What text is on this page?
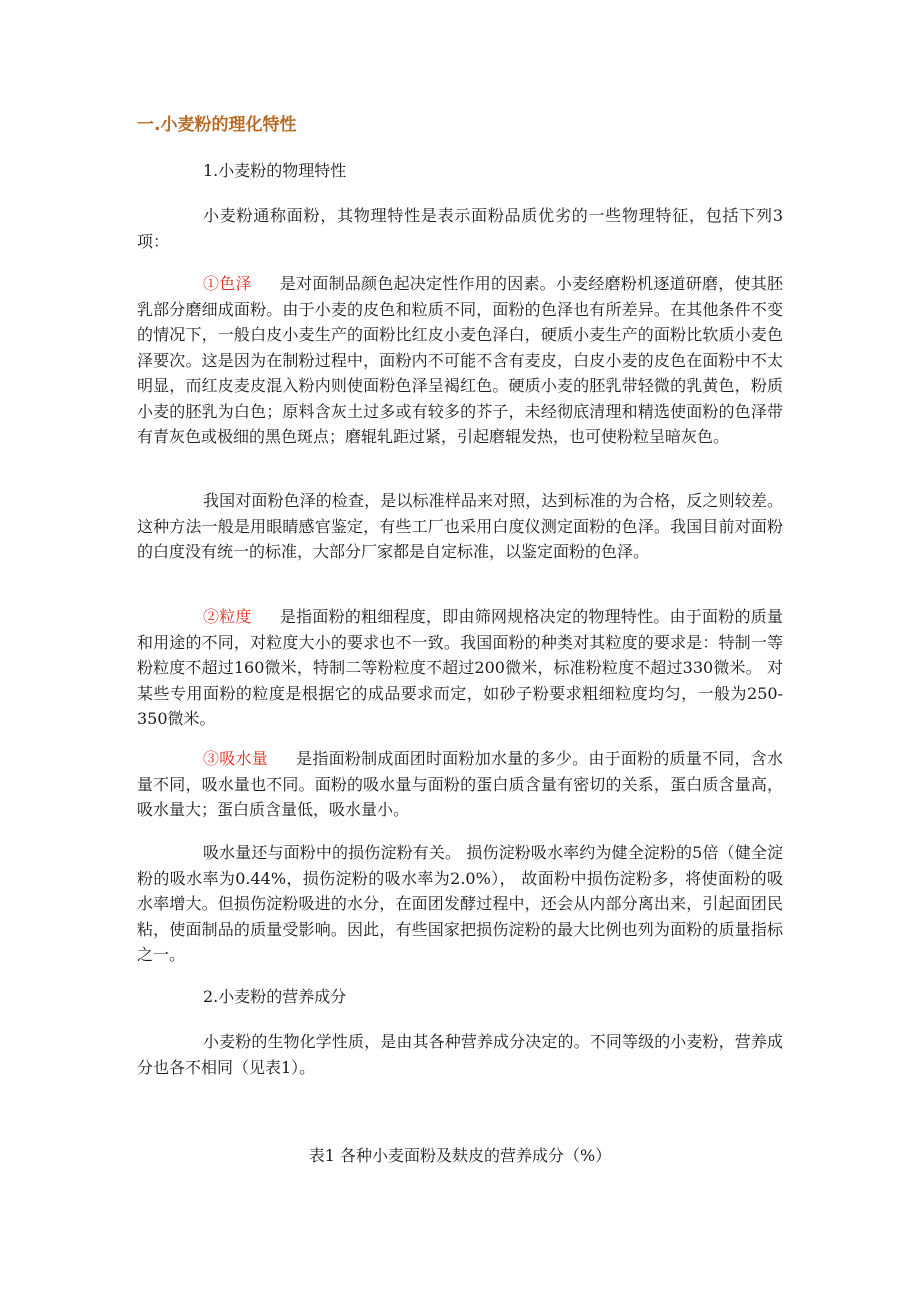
一.小麦粉的理化特性

1.小麦粉的物理特性

小麦粉通称面粉，其物理特性是表示面粉品质优劣的一些物理特征，包括下列3项：

①色泽 是对面制品颜色起决定性作用的因素。小麦经磨粉机逐道研磨，使其胚乳部分磨细成面粉。由于小麦的皮色和粒质不同，面粉的色泽也有所差异。在其他条件不变的情况下，一般白皮小麦生产的面粉比红皮小麦色泽白，硬质小麦生产的面粉比软质小麦色泽要次。这是因为在制粉过程中，面粉内不可能不含有麦皮，白皮小麦的皮色在面粉中不太明显，而红皮麦皮混入粉内则使面粉色泽呈褐红色。硬质小麦的胚乳带轻微的乳黄色，粉质小麦的胚乳为白色；原料含灰土过多或有较多的芥子，未经彻底清理和精选使面粉的色泽带有青灰色或极细的黑色斑点；磨辊轧距过紧，引起磨辊发热，也可使粉粒呈暗灰色。

我国对面粉色泽的检查，是以标准样品来对照，达到标准的为合格，反之则较差。这种方法一般是用眼睛感官鉴定，有些工厂也采用白度仪测定面粉的色泽。我国目前对面粉的白度没有统一的标准，大部分厂家都是自定标准，以鉴定面粉的色泽。

②粒度 是指面粉的粗细程度，即由筛网规格决定的物理特性。由于面粉的质量和用途的不同，对粒度大小的要求也不一致。我国面粉的种类对其粒度的要求是：特制一等粉粒度不超过160微米，特制二等粉粒度不超过200微米，标准粉粒度不超过330微米。 对某些专用面粉的粒度是根据它的成品要求而定，如砂子粉要求粗细粒度均匀，一般为250-350微米。

③吸水量 是指面粉制成面团时面粉加水量的多少。由于面粉的质量不同，含水量不同，吸水量也不同。面粉的吸水量与面粉的蛋白质含量有密切的关系，蛋白质含量高，吸水量大；蛋白质含量低，吸水量小。

吸水量还与面粉中的损伤淀粉有关。 损伤淀粉吸水率约为健全淀粉的5倍（健全淀粉的吸水率为0.44%，损伤淀粉的吸水率为2.0%）， 故面粉中损伤淀粉多，将使面粉的吸水率增大。但损伤淀粉吸进的水分，在面团发酵过程中，还会从内部分离出来，引起面团民粘，使面制品的质量受影响。因此，有些国家把损伤淀粉的最大比例也列为面粉的质量指标之一。

2.小麦粉的营养成分

小麦粉的生物化学性质，是由其各种营养成分决定的。不同等级的小麦粉，营养成分也各不相同（见表1）。

表1 各种小麦面粉及麸皮的营养成分（%）
